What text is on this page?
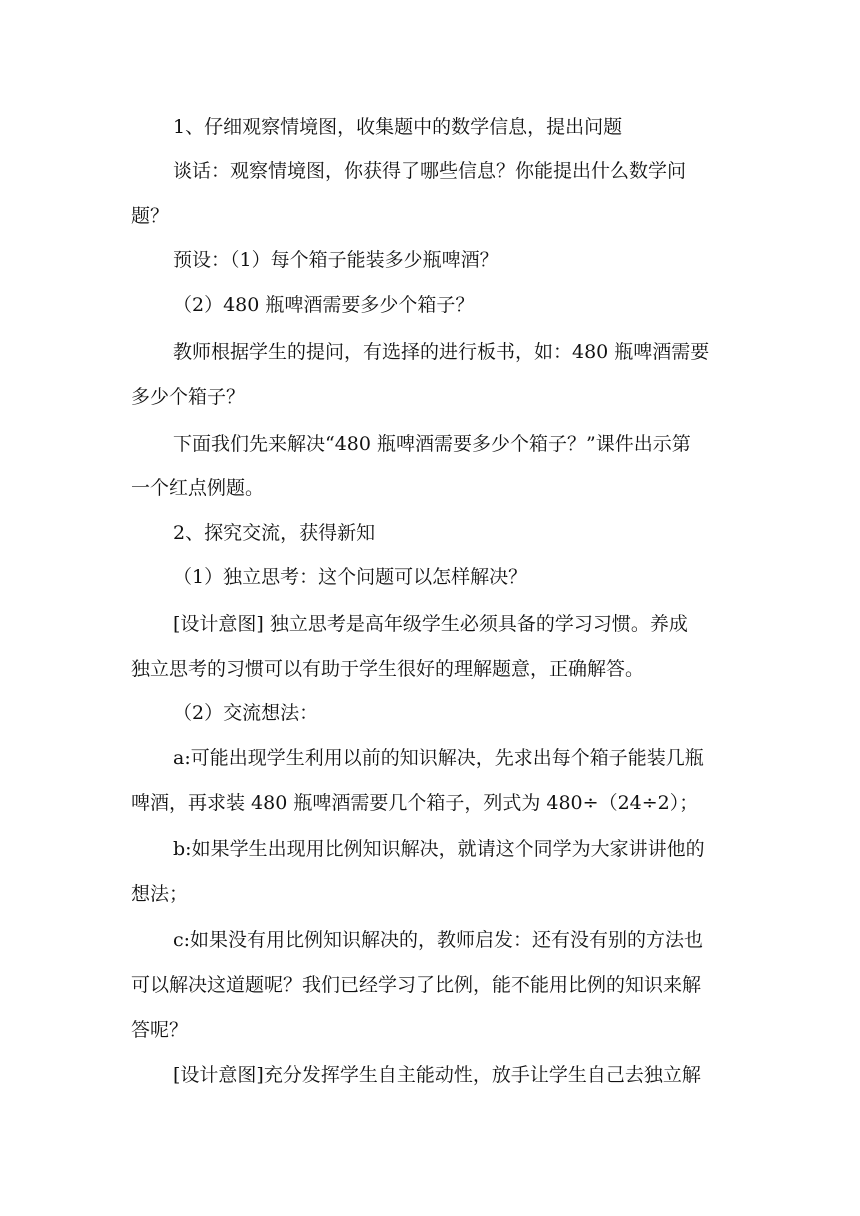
1、仔细观察情境图，收集题中的数学信息，提出问题

谈话：观察情境图，你获得了哪些信息？你能提出什么数学问

题？

预设：（1）每个箱子能装多少瓶啤酒？

（2）480 瓶啤酒需要多少个箱子？

教师根据学生的提问，有选择的进行板书，如：480 瓶啤酒需要

多少个箱子？

下面我们先来解决“480 瓶啤酒需要多少个箱子？”课件出示第

一个红点例题。

2、探究交流，获得新知

（1）独立思考：这个问题可以怎样解决？

[设计意图] 独立思考是高年级学生必须具备的学习习惯。养成

独立思考的习惯可以有助于学生很好的理解题意，正确解答。

（2）交流想法：

a:可能出现学生利用以前的知识解决，先求出每个箱子能装几瓶

啤酒，再求装 480 瓶啤酒需要几个箱子，列式为 480÷（24÷2）；

b:如果学生出现用比例知识解决，就请这个同学为大家讲讲他的

想法；

c:如果没有用比例知识解决的，教师启发：还有没有别的方法也

可以解决这道题呢？我们已经学习了比例，能不能用比例的知识来解

答呢？

[设计意图]充分发挥学生自主能动性，放手让学生自己去独立解
